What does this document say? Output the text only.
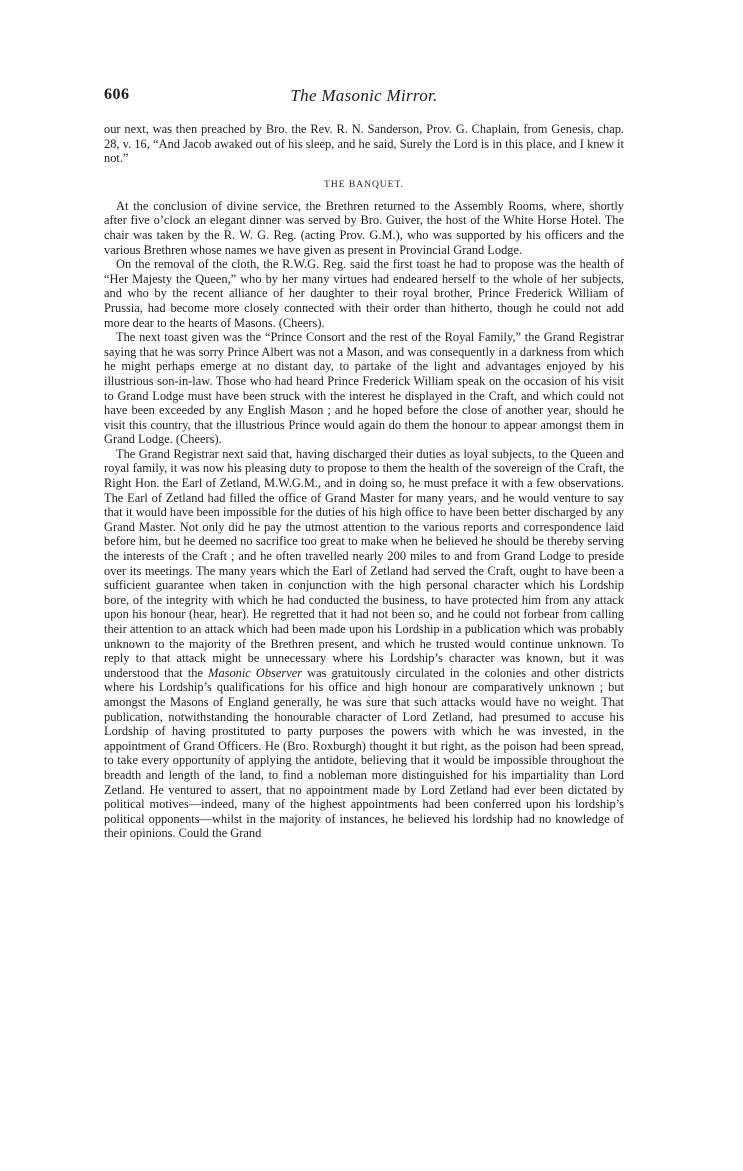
606	The Masonic Mirror.

our next, was then preached by Bro. the Rev. R. N. Sanderson, Prov. G. Chaplain, from Genesis, chap. 28, v. 16, “And Jacob awaked out of his sleep, and he said, Surely the Lord is in this place, and I knew it not.”

THE BANQUET.

At the conclusion of divine service, the Brethren returned to the Assembly Rooms, where, shortly after five o’clock an elegant dinner was served by Bro. Guiver, the host of the White Horse Hotel. The chair was taken by the R. W. G. Reg. (acting Prov. G.M.), who was supported by his officers and the various Brethren whose names we have given as present in Provincial Grand Lodge.

On the removal of the cloth, the R.W.G. Reg. said the first toast he had to propose was the health of “Her Majesty the Queen,” who by her many virtues had endeared herself to the whole of her subjects, and who by the recent alliance of her daughter to their royal brother, Prince Frederick William of Prussia, had become more closely connected with their order than hitherto, though he could not add more dear to the hearts of Masons. (Cheers).

The next toast given was the “Prince Consort and the rest of the Royal Family,” the Grand Registrar saying that he was sorry Prince Albert was not a Mason, and was consequently in a darkness from which he might perhaps emerge at no distant day, to partake of the light and advantages enjoyed by his illustrious son-in-law. Those who had heard Prince Frederick William speak on the occasion of his visit to Grand Lodge must have been struck with the interest he displayed in the Craft, and which could not have been exceeded by any English Mason ; and he hoped before the close of another year, should he visit this country, that the illustrious Prince would again do them the honour to appear amongst them in Grand Lodge. (Cheers).

The Grand Registrar next said that, having discharged their duties as loyal subjects, to the Queen and royal family, it was now his pleasing duty to propose to them the health of the sovereign of the Craft, the Right Hon. the Earl of Zetland, M.W.G.M., and in doing so, he must preface it with a few observations. The Earl of Zetland had filled the office of Grand Master for many years, and he would venture to say that it would have been impossible for the duties of his high office to have been better discharged by any Grand Master. Not only did he pay the utmost attention to the various reports and correspondence laid before him, but he deemed no sacrifice too great to make when he believed he should be thereby serving the interests of the Craft ; and he often travelled nearly 200 miles to and from Grand Lodge to preside over its meetings. The many years which the Earl of Zetland had served the Craft, ought to have been a sufficient guarantee when taken in conjunction with the high personal character which his Lordship bore, of the integrity with which he had conducted the business, to have protected him from any attack upon his honour (hear, hear). He regretted that it had not been so, and he could not forbear from calling their attention to an attack which had been made upon his Lordship in a publication which was probably unknown to the majority of the Brethren present, and which he trusted would continue unknown. To reply to that attack might be unnecessary where his Lordship’s character was known, but it was understood that the Masonic Observer was gratuitously circulated in the colonies and other districts where his Lordship’s qualifications for his office and high honour are comparatively unknown ; but amongst the Masons of England generally, he was sure that such attacks would have no weight. That publication, notwithstanding the honourable character of Lord Zetland, had presumed to accuse his Lordship of having prostituted to party purposes the powers with which he was invested, in the appointment of Grand Officers. He (Bro. Roxburgh) thought it but right, as the poison had been spread, to take every opportunity of applying the antidote, believing that it would be impossible throughout the breadth and length of the land, to find a nobleman more distinguished for his impartiality than Lord Zetland. He ventured to assert, that no appointment made by Lord Zetland had ever been dictated by political motives—indeed, many of the highest appointments had been conferred upon his lordship’s political opponents—whilst in the majority of instances, he believed his lordship had no knowledge of their opinions. Could the Grand
